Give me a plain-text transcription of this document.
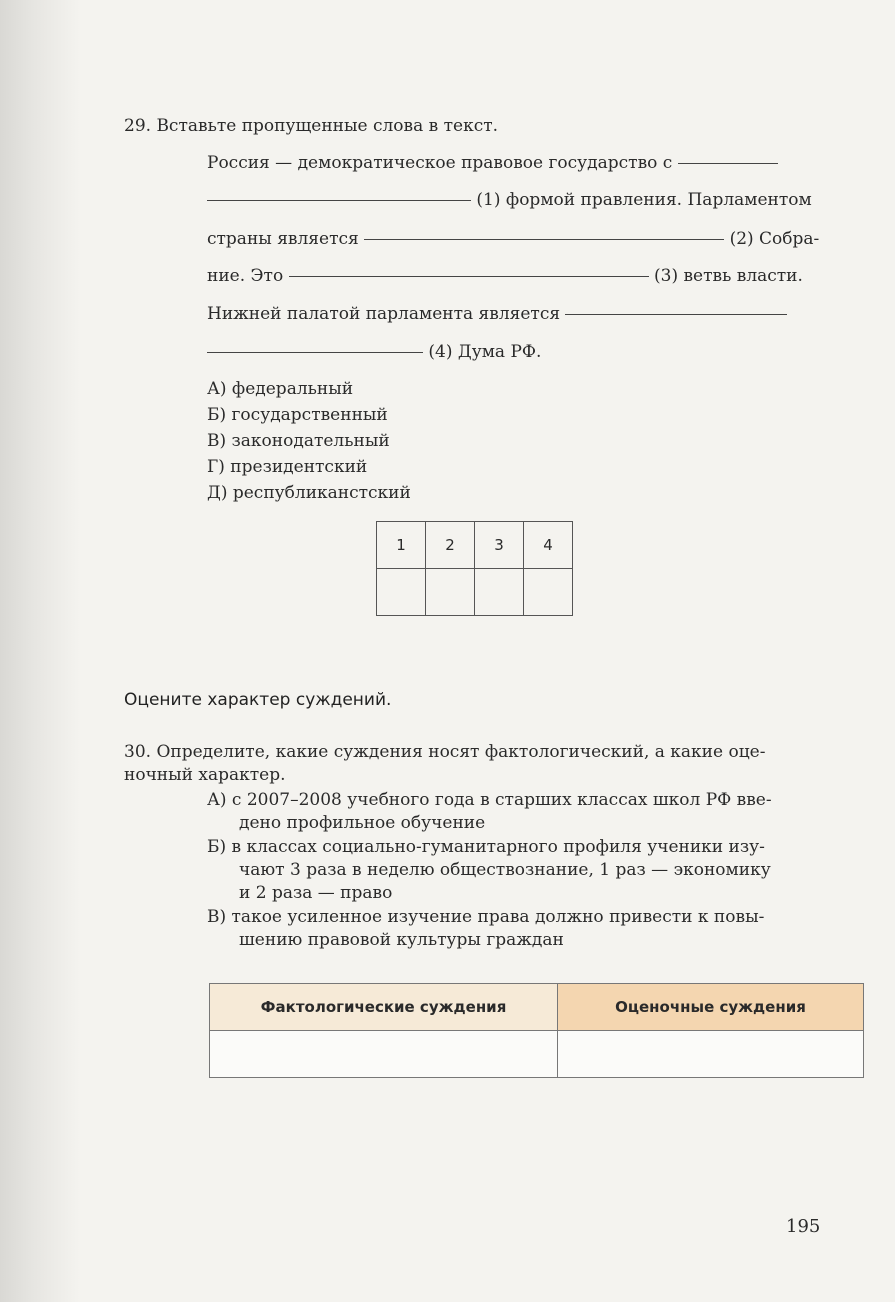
29. Вставьте пропущенные слова в текст.
Россия — демократическое правовое государство с
(1) формой правления. Парламентом
страны является	(2) Собра-
ние. Это	(3) ветвь власти.
Нижней палатой парламента является
(4) Дума РФ.
А) федеральный
Б) государственный
В) законодательный
Г) президентский
Д) республиканстский
1	2	3	4

Оцените характер суждений.
30. Определите, какие суждения носят фактологический, а какие оце-
ночный характер.
А) с 2007–2008 учебного года в старших классах школ РФ вве-
дено профильное обучение
Б) в классах социально-гуманитарного профиля ученики изу-
чают 3 раза в неделю обществознание, 1 раз — экономику
и 2 раза — право
В) такое усиленное изучение права должно привести к повы-
шению правовой культуры граждан
Фактологические суждения	Оценочные суждения

195
